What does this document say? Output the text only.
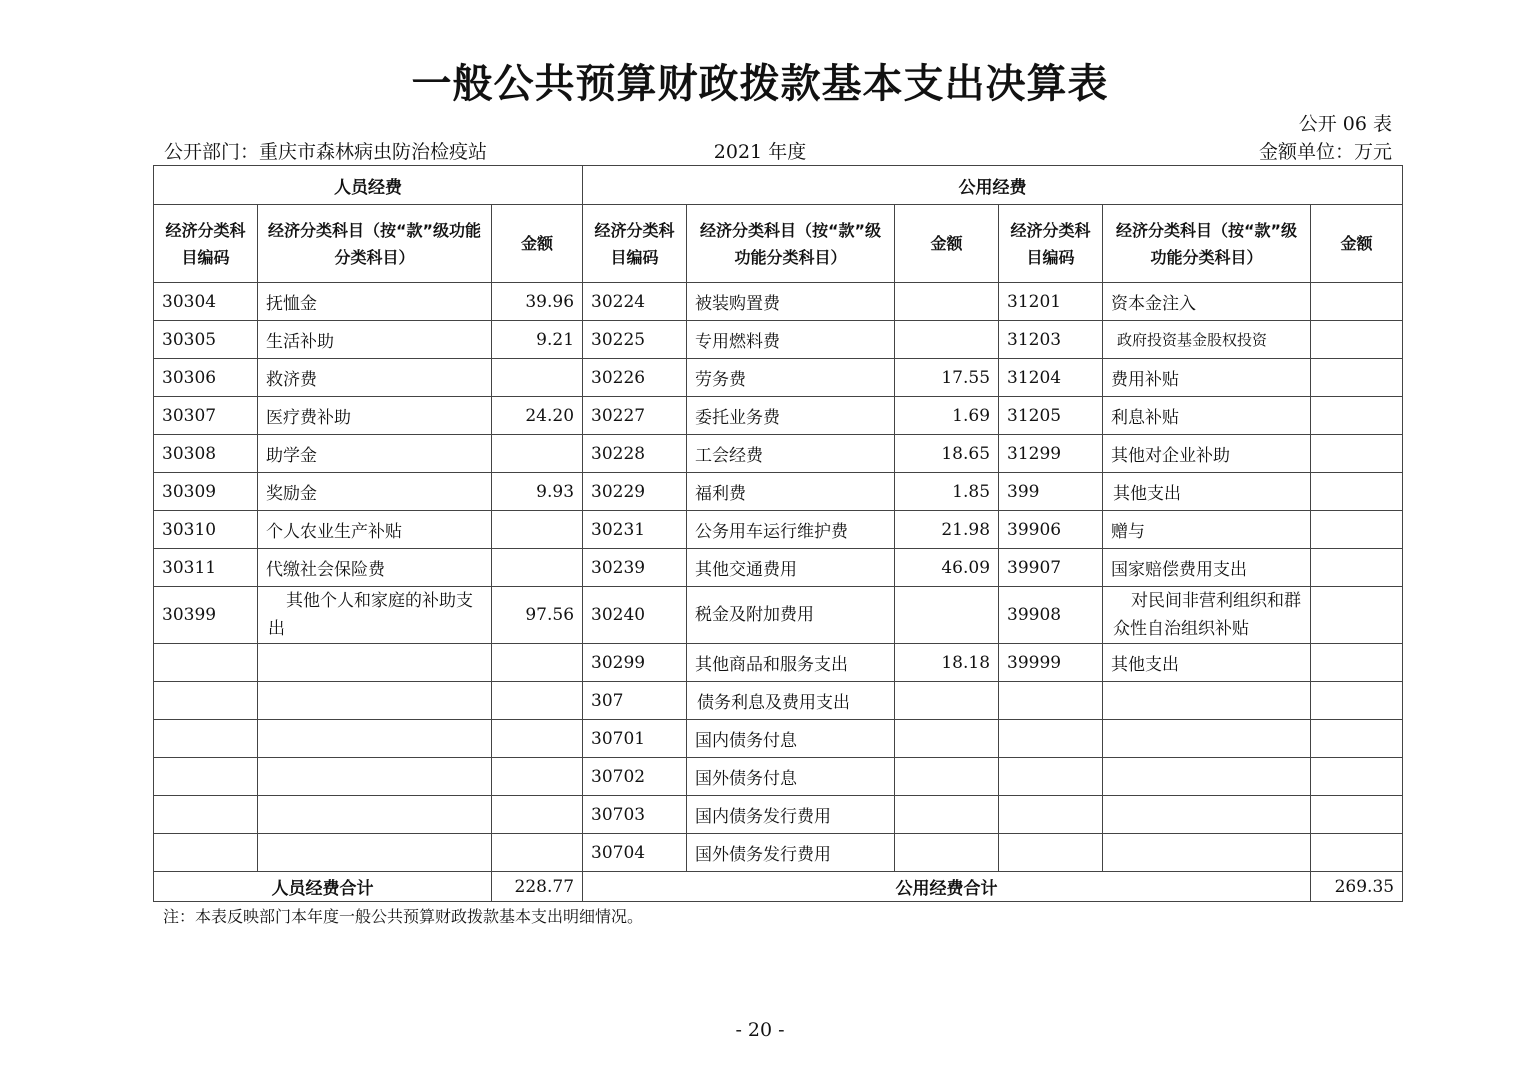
一般公共预算财政拨款基本支出决算表
公开 06 表
公开部门：重庆市森林病虫防治检疫站	2021 年度	金额单位：万元
人员经费			公用经费					
经济分类科目编码	经济分类科目（按“款”级功能分类科目）	金额	经济分类科目编码	经济分类科目（按“款”级功能分类科目）	金额	经济分类科目编码	经济分类科目（按“款”级功能分类科目）	金额
30304	抚恤金	39.96	30224	被装购置费		31201	资本金注入	
30305	生活补助	9.21	30225	专用燃料费		31203	政府投资基金股权投资	
30306	救济费		30226	劳务费	17.55	31204	费用补贴	
30307	医疗费补助	24.20	30227	委托业务费	1.69	31205	利息补贴	
30308	助学金		30228	工会经费	18.65	31299	其他对企业补助	
30309	奖励金	9.93	30229	福利费	1.85	399	其他支出	
30310	个人农业生产补贴		30231	公务用车运行维护费	21.98	39906	赠与	
30311	代缴社会保险费		30239	其他交通费用	46.09	39907	国家赔偿费用支出	
30399	其他个人和家庭的补助支出	97.56	30240	税金及附加费用		39908	对民间非营利组织和群众性自治组织补贴	
			30299	其他商品和服务支出	18.18	39999	其他支出	
			307	债务利息及费用支出				
			30701	国内债务付息				
			30702	国外债务付息				
			30703	国内债务发行费用				
			30704	国外债务发行费用				
人员经费合计		228.77	公用经费合计					269.35
注：本表反映部门本年度一般公共预算财政拨款基本支出明细情况。
- 20 -
